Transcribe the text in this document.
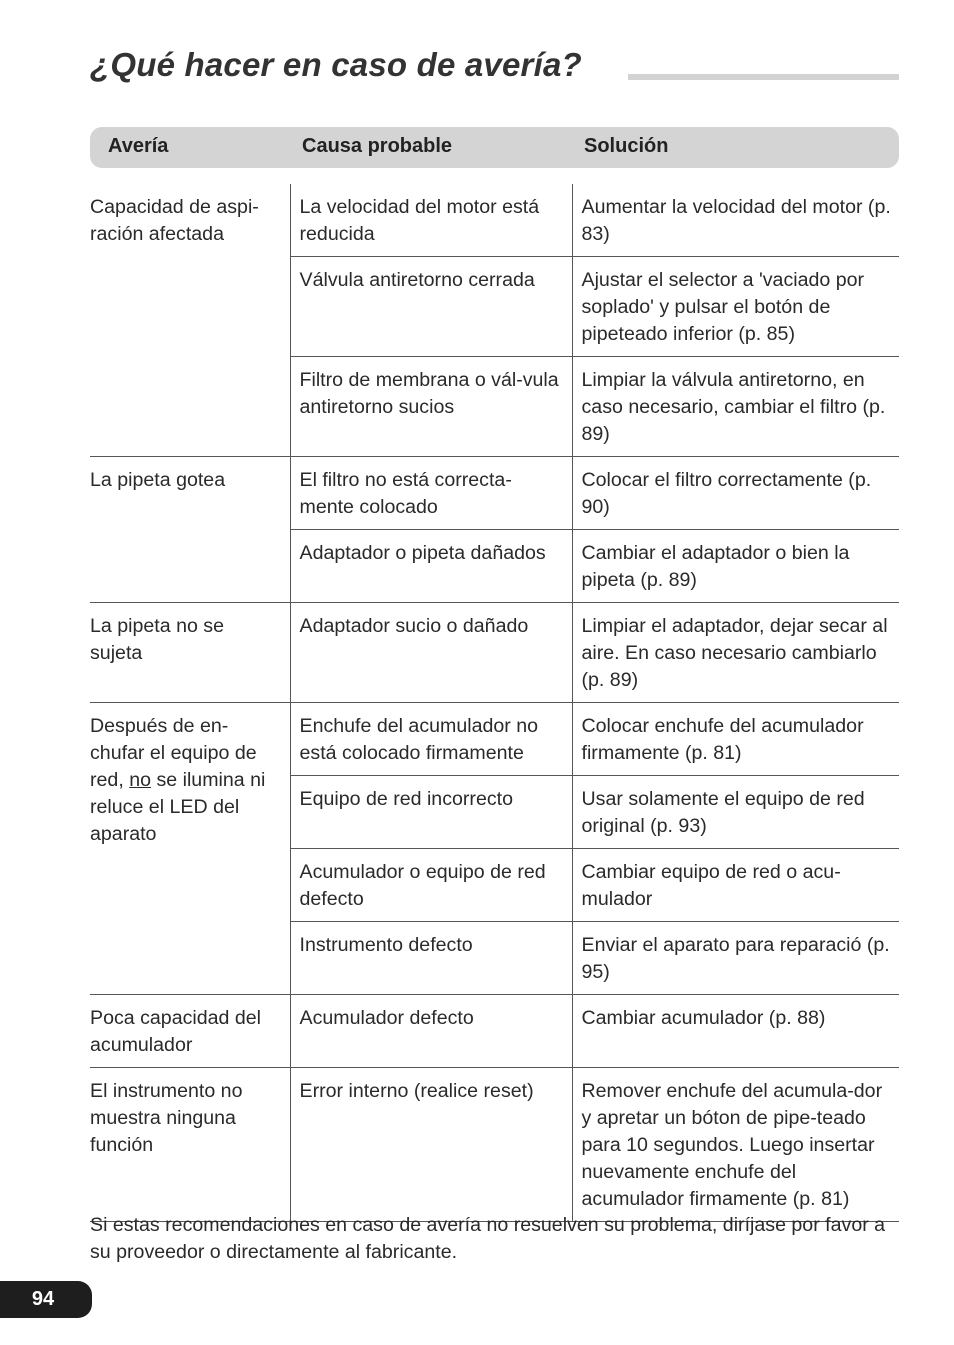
¿Qué hacer en caso de avería?
Avería	Causa probable	Solución
Capacidad de aspi-ración afectada	La velocidad del motor está reducida	Aumentar la velocidad del motor (p. 83)
	Válvula antiretorno cerrada	Ajustar el selector a 'vaciado por soplado' y pulsar el botón de pipeteado inferior (p. 85)
	Filtro de membrana o vál-vula antiretorno sucios	Limpiar la válvula antiretorno, en caso necesario, cambiar el filtro (p. 89)
La pipeta gotea	El filtro no está correcta-mente colocado	Colocar el filtro correctamente (p. 90)
	Adaptador o pipeta dañados	Cambiar el adaptador o bien la pipeta (p. 89)
La pipeta no se sujeta	Adaptador sucio o dañado	Limpiar el adaptador, dejar secar al aire. En caso necesario cambiarlo (p. 89)
Después de en-chufar el equipo de red, no se ilumina ni reluce el LED del aparato	Enchufe del acumulador no está colocado firmamente	Colocar enchufe del acumulador firmamente (p. 81)
	Equipo de red incorrecto	Usar solamente el equipo de red original (p. 93)
	Acumulador o equipo de red defecto	Cambiar equipo de red o acu-mulador
	Instrumento defecto	Enviar el aparato para reparació (p. 95)
Poca capacidad del acumulador	Acumulador defecto	Cambiar acumulador (p. 88)
El instrumento no muestra ninguna función	Error interno (realice reset)	Remover enchufe del acumula-dor y apretar un bóton de pipe-teado para 10 segundos. Luego insertar nuevamente enchufe del acumulador firmamente (p. 81)

Si estas recomendaciones en caso de avería no resuelven su problema, diríjase por favor a su proveedor o directamente al fabricante.

94
